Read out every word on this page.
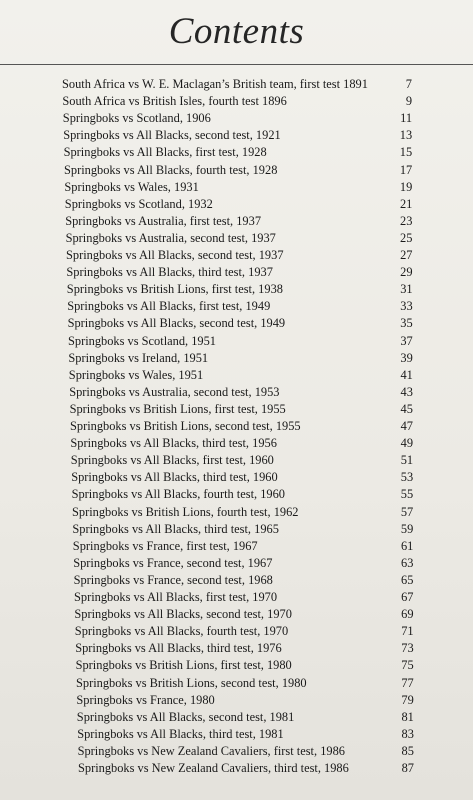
Contents
South Africa vs W. E. Maclagan’s British team, first test 1891	7
South Africa vs British Isles, fourth test 1896	9
Springboks vs Scotland, 1906	11
Springboks vs All Blacks, second test, 1921	13
Springboks vs All Blacks, first test, 1928	15
Springboks vs All Blacks, fourth test, 1928	17
Springboks vs Wales, 1931	19
Springboks vs Scotland, 1932	21
Springboks vs Australia, first test, 1937	23
Springboks vs Australia, second test, 1937	25
Springboks vs All Blacks, second test, 1937	27
Springboks vs All Blacks, third test, 1937	29
Springboks vs British Lions, first test, 1938	31
Springboks vs All Blacks, first test, 1949	33
Springboks vs All Blacks, second test, 1949	35
Springboks vs Scotland, 1951	37
Springboks vs Ireland, 1951	39
Springboks vs Wales, 1951	41
Springboks vs Australia, second test, 1953	43
Springboks vs British Lions, first test, 1955	45
Springboks vs British Lions, second test, 1955	47
Springboks vs All Blacks, third test, 1956	49
Springboks vs All Blacks, first test, 1960	51
Springboks vs All Blacks, third test, 1960	53
Springboks vs All Blacks, fourth test, 1960	55
Springboks vs British Lions, fourth test, 1962	57
Springboks vs All Blacks, third test, 1965	59
Springboks vs France, first test, 1967	61
Springboks vs France, second test, 1967	63
Springboks vs France, second test, 1968	65
Springboks vs All Blacks, first test, 1970	67
Springboks vs All Blacks, second test, 1970	69
Springboks vs All Blacks, fourth test, 1970	71
Springboks vs All Blacks, third test, 1976	73
Springboks vs British Lions, first test, 1980	75
Springboks vs British Lions, second test, 1980	77
Springboks vs France, 1980	79
Springboks vs All Blacks, second test, 1981	81
Springboks vs All Blacks, third test, 1981	83
Springboks vs New Zealand Cavaliers, first test, 1986	85
Springboks vs New Zealand Cavaliers, third test, 1986	87
